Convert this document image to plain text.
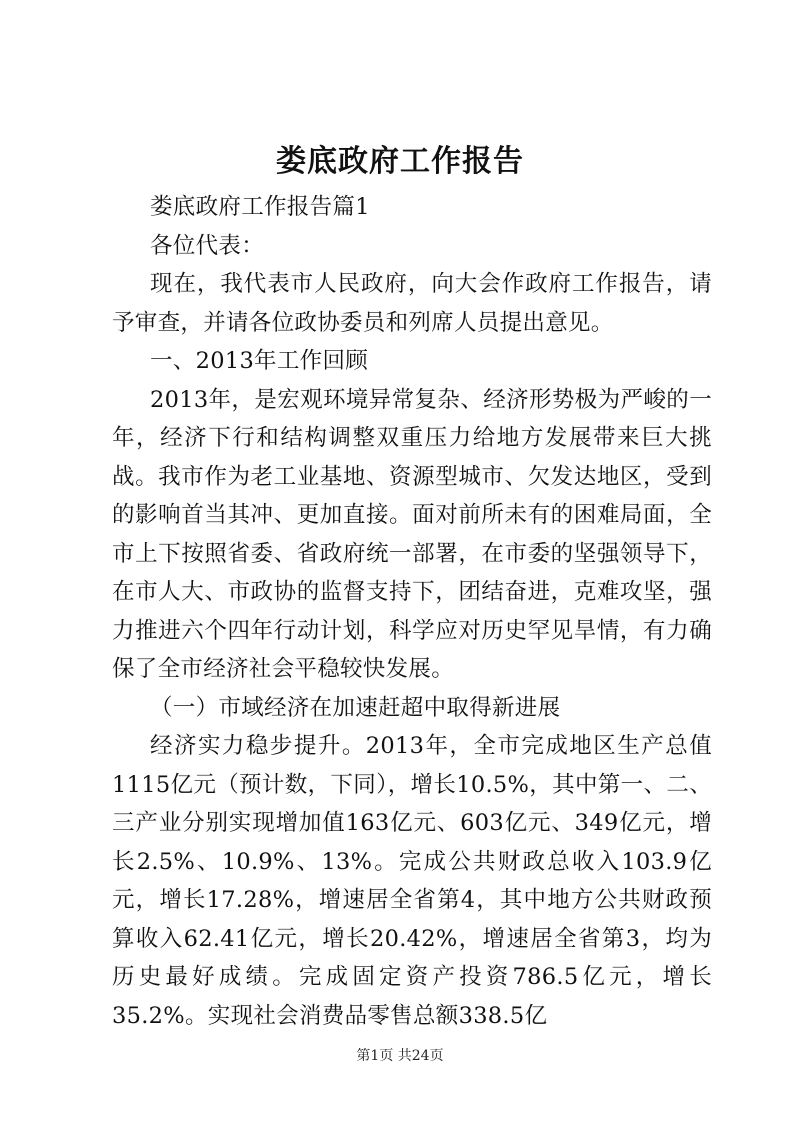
娄底政府工作报告

娄底政府工作报告篇1

各位代表：

现在，我代表市人民政府，向大会作政府工作报告，请予审查，并请各位政协委员和列席人员提出意见。

一、2013年工作回顾

2013年，是宏观环境异常复杂、经济形势极为严峻的一年，经济下行和结构调整双重压力给地方发展带来巨大挑战。我市作为老工业基地、资源型城市、欠发达地区，受到的影响首当其冲、更加直接。面对前所未有的困难局面，全市上下按照省委、省政府统一部署，在市委的坚强领导下，在市人大、市政协的监督支持下，团结奋进，克难攻坚，强力推进六个四年行动计划，科学应对历史罕见旱情，有力确保了全市经济社会平稳较快发展。

（一）市域经济在加速赶超中取得新进展

经济实力稳步提升。2013年，全市完成地区生产总值1115亿元（预计数，下同），增长10.5%，其中第一、二、三产业分别实现增加值163亿元、603亿元、349亿元，增长2.5%、10.9%、13%。完成公共财政总收入103.9亿元，增长17.28%，增速居全省第4，其中地方公共财政预算收入62.41亿元，增长20.42%，增速居全省第3，均为历史最好成绩。完成固定资产投资786.5亿元，增长35.2%。实现社会消费品零售总额338.5亿

第1页 共24页
